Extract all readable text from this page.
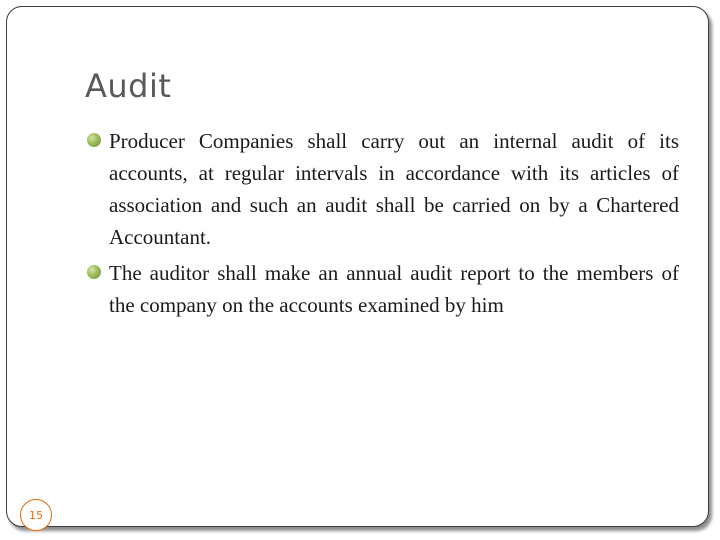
Audit
Producer Companies shall carry out an internal audit of its accounts, at regular intervals in accordance with its articles of association and such an audit shall be carried on by a Chartered Accountant.
The auditor shall make an annual audit report to the members of the company on the accounts examined by him
15
